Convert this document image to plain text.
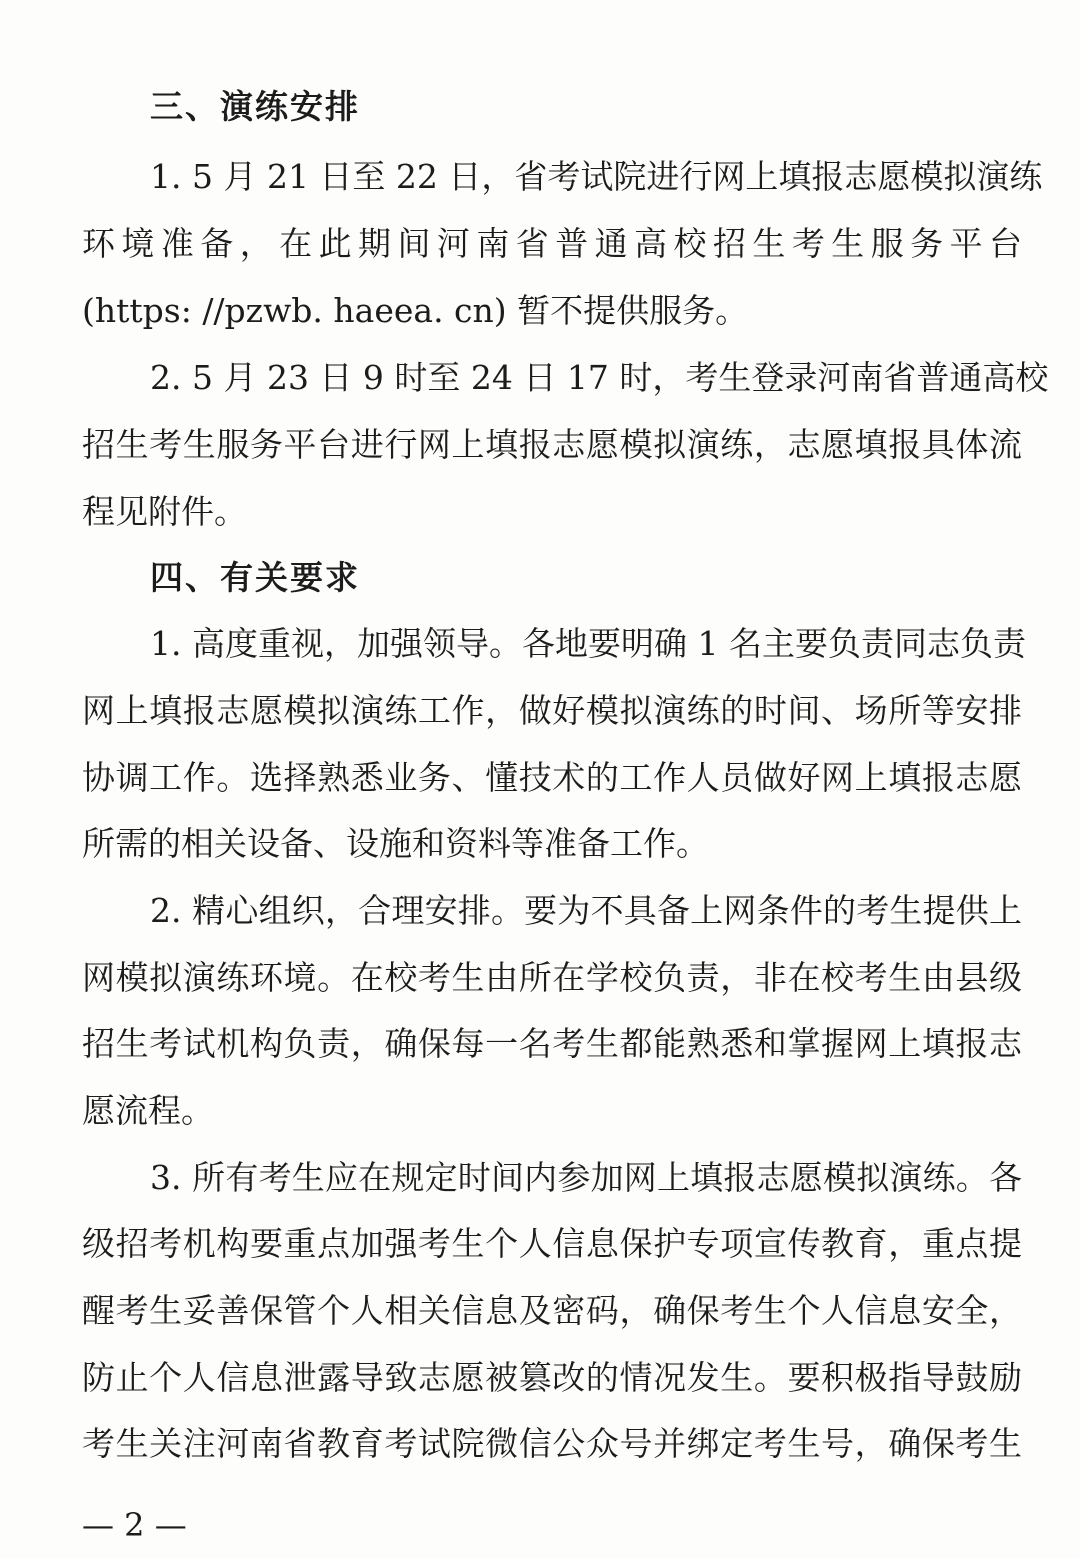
三、演练安排
1. 5 月 21 日至 22 日，省考试院进行网上填报志愿模拟演练
环境准备，在此期间河南省普通高校招生考生服务平台
(https: //pzwb. haeea. cn) 暂不提供服务。
2. 5 月 23 日 9 时至 24 日 17 时，考生登录河南省普通高校
招生考生服务平台进行网上填报志愿模拟演练，志愿填报具体流
程见附件。
四、有关要求
1. 高度重视，加强领导。各地要明确 1 名主要负责同志负责
网上填报志愿模拟演练工作，做好模拟演练的时间、场所等安排
协调工作。选择熟悉业务、懂技术的工作人员做好网上填报志愿
所需的相关设备、设施和资料等准备工作。
2. 精心组织，合理安排。要为不具备上网条件的考生提供上
网模拟演练环境。在校考生由所在学校负责，非在校考生由县级
招生考试机构负责，确保每一名考生都能熟悉和掌握网上填报志
愿流程。
3. 所有考生应在规定时间内参加网上填报志愿模拟演练。各
级招考机构要重点加强考生个人信息保护专项宣传教育，重点提
醒考生妥善保管个人相关信息及密码，确保考生个人信息安全，
防止个人信息泄露导致志愿被篡改的情况发生。要积极指导鼓励
考生关注河南省教育考试院微信公众号并绑定考生号，确保考生
— 2 —
